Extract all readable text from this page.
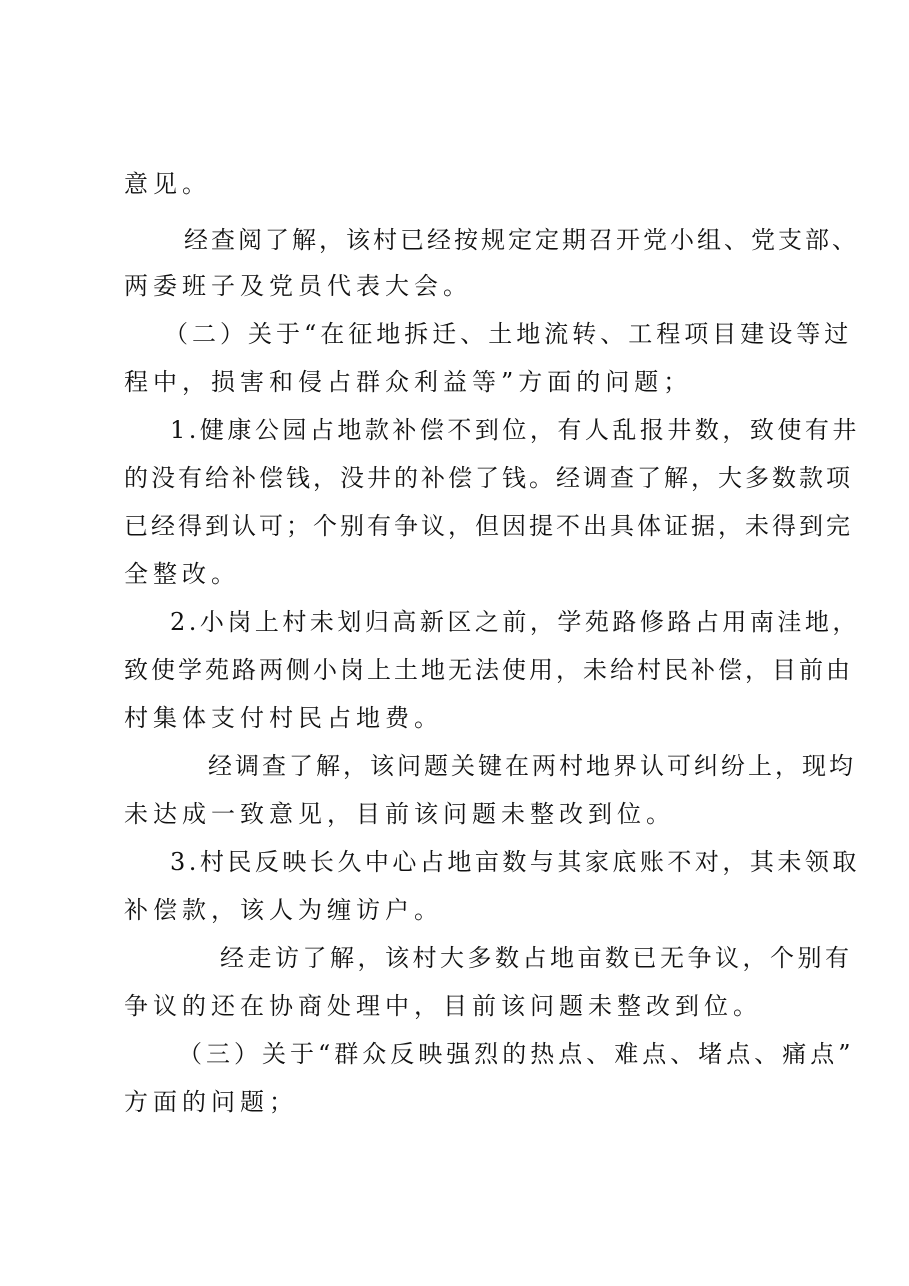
意见。
经查阅了解，该村已经按规定定期召开党小组、党支部、
两委班子及党员代表大会。
（二）关于“在征地拆迁、土地流转、工程项目建设等过
程中，损害和侵占群众利益等”方面的问题；
1.健康公园占地款补偿不到位，有人乱报井数，致使有井
的没有给补偿钱，没井的补偿了钱。经调查了解，大多数款项
已经得到认可；个别有争议，但因提不出具体证据，未得到完
全整改。
2.小岗上村未划归高新区之前，学苑路修路占用南洼地，
致使学苑路两侧小岗上土地无法使用，未给村民补偿，目前由
村集体支付村民占地费。
经调查了解，该问题关键在两村地界认可纠纷上，现均
未达成一致意见，目前该问题未整改到位。
3.村民反映长久中心占地亩数与其家底账不对，其未领取
补偿款，该人为缠访户。
经走访了解，该村大多数占地亩数已无争议，个别有
争议的还在协商处理中，目前该问题未整改到位。
（三）关于“群众反映强烈的热点、难点、堵点、痛点”
方面的问题；
